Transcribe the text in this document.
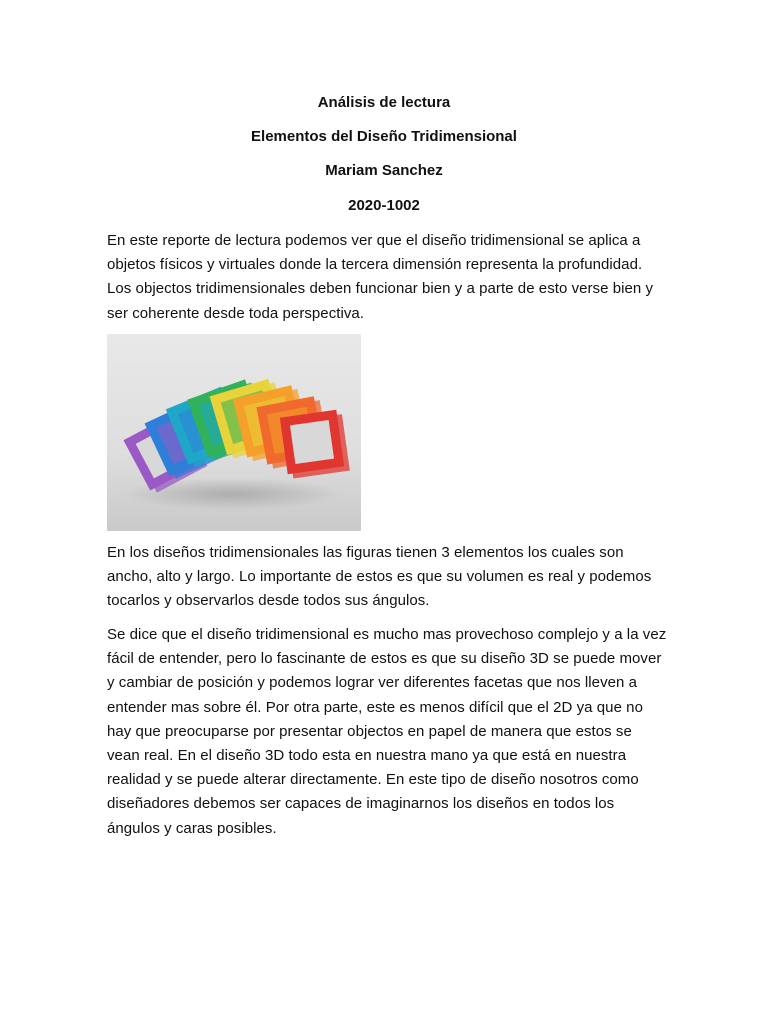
Análisis de lectura

Elementos del Diseño Tridimensional

Mariam Sanchez

2020-1002

En este reporte de lectura podemos ver que el diseño tridimensional se aplica a objetos físicos y virtuales donde la tercera dimensión representa la profundidad. Los objectos tridimensionales deben funcionar bien y a parte de esto verse bien y ser coherente desde toda perspectiva.

En los diseños tridimensionales las figuras tienen 3 elementos los cuales son ancho, alto y largo. Lo importante de estos es que su volumen es real y podemos tocarlos y observarlos desde todos sus ángulos.

Se dice que el diseño tridimensional es mucho mas provechoso complejo y a la vez fácil de entender, pero lo fascinante de estos es que su diseño 3D se puede mover y cambiar de posición y podemos lograr ver diferentes facetas que nos lleven a entender mas sobre él. Por otra parte, este es menos difícil que el 2D ya que no hay que preocuparse por presentar objectos en papel de manera que estos se vean real. En el diseño 3D todo esta en nuestra mano ya que está en nuestra realidad y se puede alterar directamente. En este tipo de diseño nosotros como diseñadores debemos ser capaces de imaginarnos los diseños en todos los ángulos y caras posibles.
